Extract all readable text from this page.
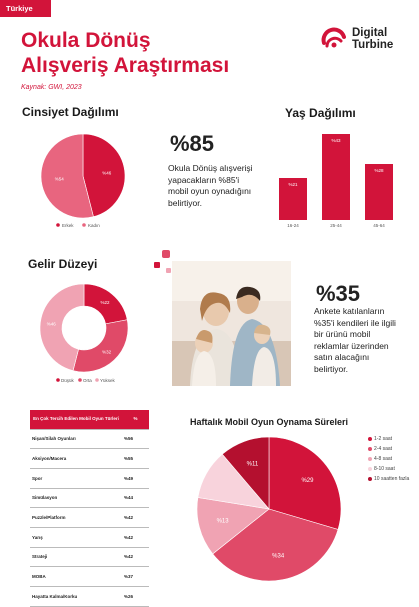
Türkiye
Okula Dönüş
Alışveriş Araştırması
Kaynak: GWI, 2023
Digital
Turbine
Cinsiyet Dağılımı
%46
%54
Erkek	Kadın
%85
Okula Dönüş alışverişi yapacakların %85'i mobil oyun oynadığını belirtiyor.
Yaş Dağılımı
%21
16-24
%43
25-44
%28
45-64
Gelir Düzeyi
%22
%32
%46
Düşük Orta Yüksek
%35
Ankete katılanların %35'i kendileri ile ilgili bir ürünü mobil reklamlar üzerinden satın alacağını belirtiyor.
En Çok Tercih Edilen Mobil Oyun Türleri	%
Nişan/Silah Oyunları	%56
Aksiyon/Macera	%55
Spor	%49
Simülasyon	%44
Puzzle/Platform	%42
Yarış	%42
Strateji	%42
MOBA	%37
Hayatta Kalma/Korku	%26
Haftalık Mobil Oyun Oynama Süreleri
%29
%34
%13
%11
1-2 saat
2-4 saat
4-8 saat
8-10 saat
10 saatten fazla
